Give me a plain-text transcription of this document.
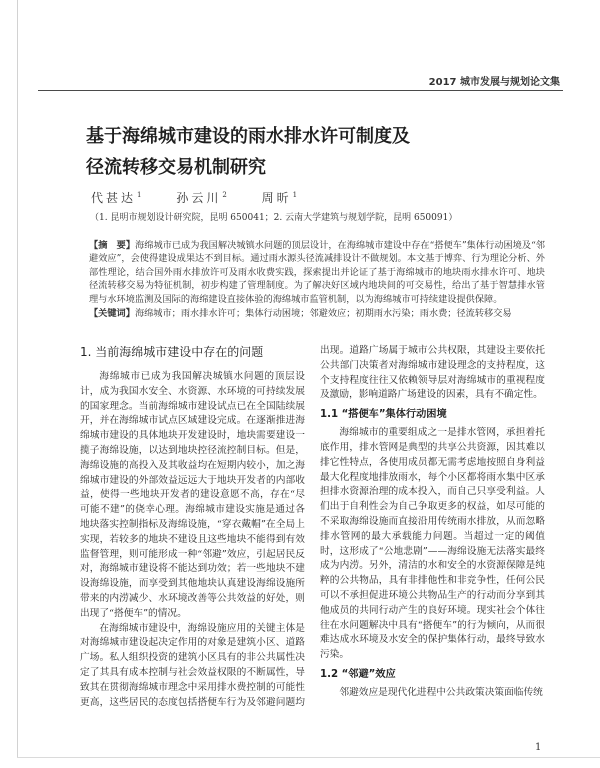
2017 城市发展与规划论文集
基于海绵城市建设的雨水排水许可制度及
径流转移交易机制研究
代甚达$^1$	孙云川$^2$	周昕$^1$
（1. 昆明市规划设计研究院，昆明 650041；2. 云南大学建筑与规划学院，昆明 650091）
【摘　要】海绵城市已成为我国解决城镇水问题的顶层设计，在海绵城市建设中存在“搭便车”集体行动困境及“邻避效应”，会使得建设成果达不到目标。通过雨水源头径流减排设计不做规划。本文基于博弈、行为理论分析、外部性理论，结合国外雨水排放许可及雨水收费实践，探索提出并论证了基于海绵城市的地块雨水排水许可、地块径流转移交易为特征机制，初步构建了管理制度。为了解决好区域内地块间的可交易性，给出了基于智慧排水管理与水环境监测及国际的海绵建设直接体验的海绵城市监管机制，以为海绵城市可持续建设提供保障。
【关键词】海绵城市；雨水排水许可；集体行动困境；邻避效应；初期雨水污染；雨水费；径流转移交易
1. 当前海绵城市建设中存在的问题

海绵城市已成为我国解决城镇水问题的顶层设计，成为我国水安全、水资源、水环境的可持续发展的国家理念。当前海绵城市建设试点已在全国陆续展开，并在海绵城市试点区域建设完成。在逐渐推进海绵城市建设的具体地块开发建设时，地块需要建设一揽子海绵设施，以达到地块控径流控制目标。但是，海绵设施的高投入及其收益均在短期内较小，加之海绵城市建设的外部效益远远大于地块开发者的内部收益，使得一些地块开发者的建设意愿不高，存在“尽可能不建”的侥幸心理。海绵城市建设实施是通过各地块落实控制指标及海绵设施，“穿衣戴帽”在全局上实现，若较多的地块不建设且这些地块不能得到有效监督管理，则可能形成一种“邻避”效应，引起居民反对，海绵城市建设将不能达到功效；若一些地块不建设海绵设施，而享受到其他地块认真建设海绵设施所带来的内涝减少、水环境改善等公共效益的好处，则出现了“搭便车”的情况。

在海绵城市建设中，海绵设施应用的关键主体是对海绵城市建设起决定作用的对象是建筑小区、道路广场。私人组织投资的建筑小区具有的非公共属性决定了其具有成本控制与社会效益权限的不断属性，导致其在贯彻海绵城市理念中采用排水费控制的可能性更高，这些居民的态度包括搭便车行为及邻避问题均出现。道路广场属于城市公共权限，其建设主要依托公共部门决策者对海绵城市建设理念的支持程度，这个支持程度往往又依赖领导层对海绵城市的重视程度及激励，影响道路广场建设的因素，具有不确定性。

1.1 “搭便车”集体行动困境

海绵城市的重要组成之一是排水管网，承担着托底作用，排水管网是典型的共享公共资源，因其难以排它性特点，各使用成员都无需考虑地按照自身利益最大化程度地排放雨水，每个小区都将雨水集中区承担排水资源治理的成本投入，而自己只享受利益。人们出于自利性会为自己争取更多的权益，如尽可能的不采取海绵设施而直接沿用传统雨水排放，从而忽略排水管网的最大承载能力问题。当超过一定的阈值时，这形成了“公地悲剧”——海绵设施无法落实最终成为内涝。另外，清洁的水和安全的水资源保障是纯粹的公共物品，具有非排他性和非竞争性，任何公民可以不承担促进环境公共物品生产的行动而分享到其他成员的共同行动产生的良好环境。现实社会个体往往在水问题解决中具有“搭便车”的行为倾向，从而很难达成水环境及水安全的保护集体行动，最终导致水污染。

1.2 “邻避”效应

邻避效应是现代化进程中公共政策决策面临传统

1
